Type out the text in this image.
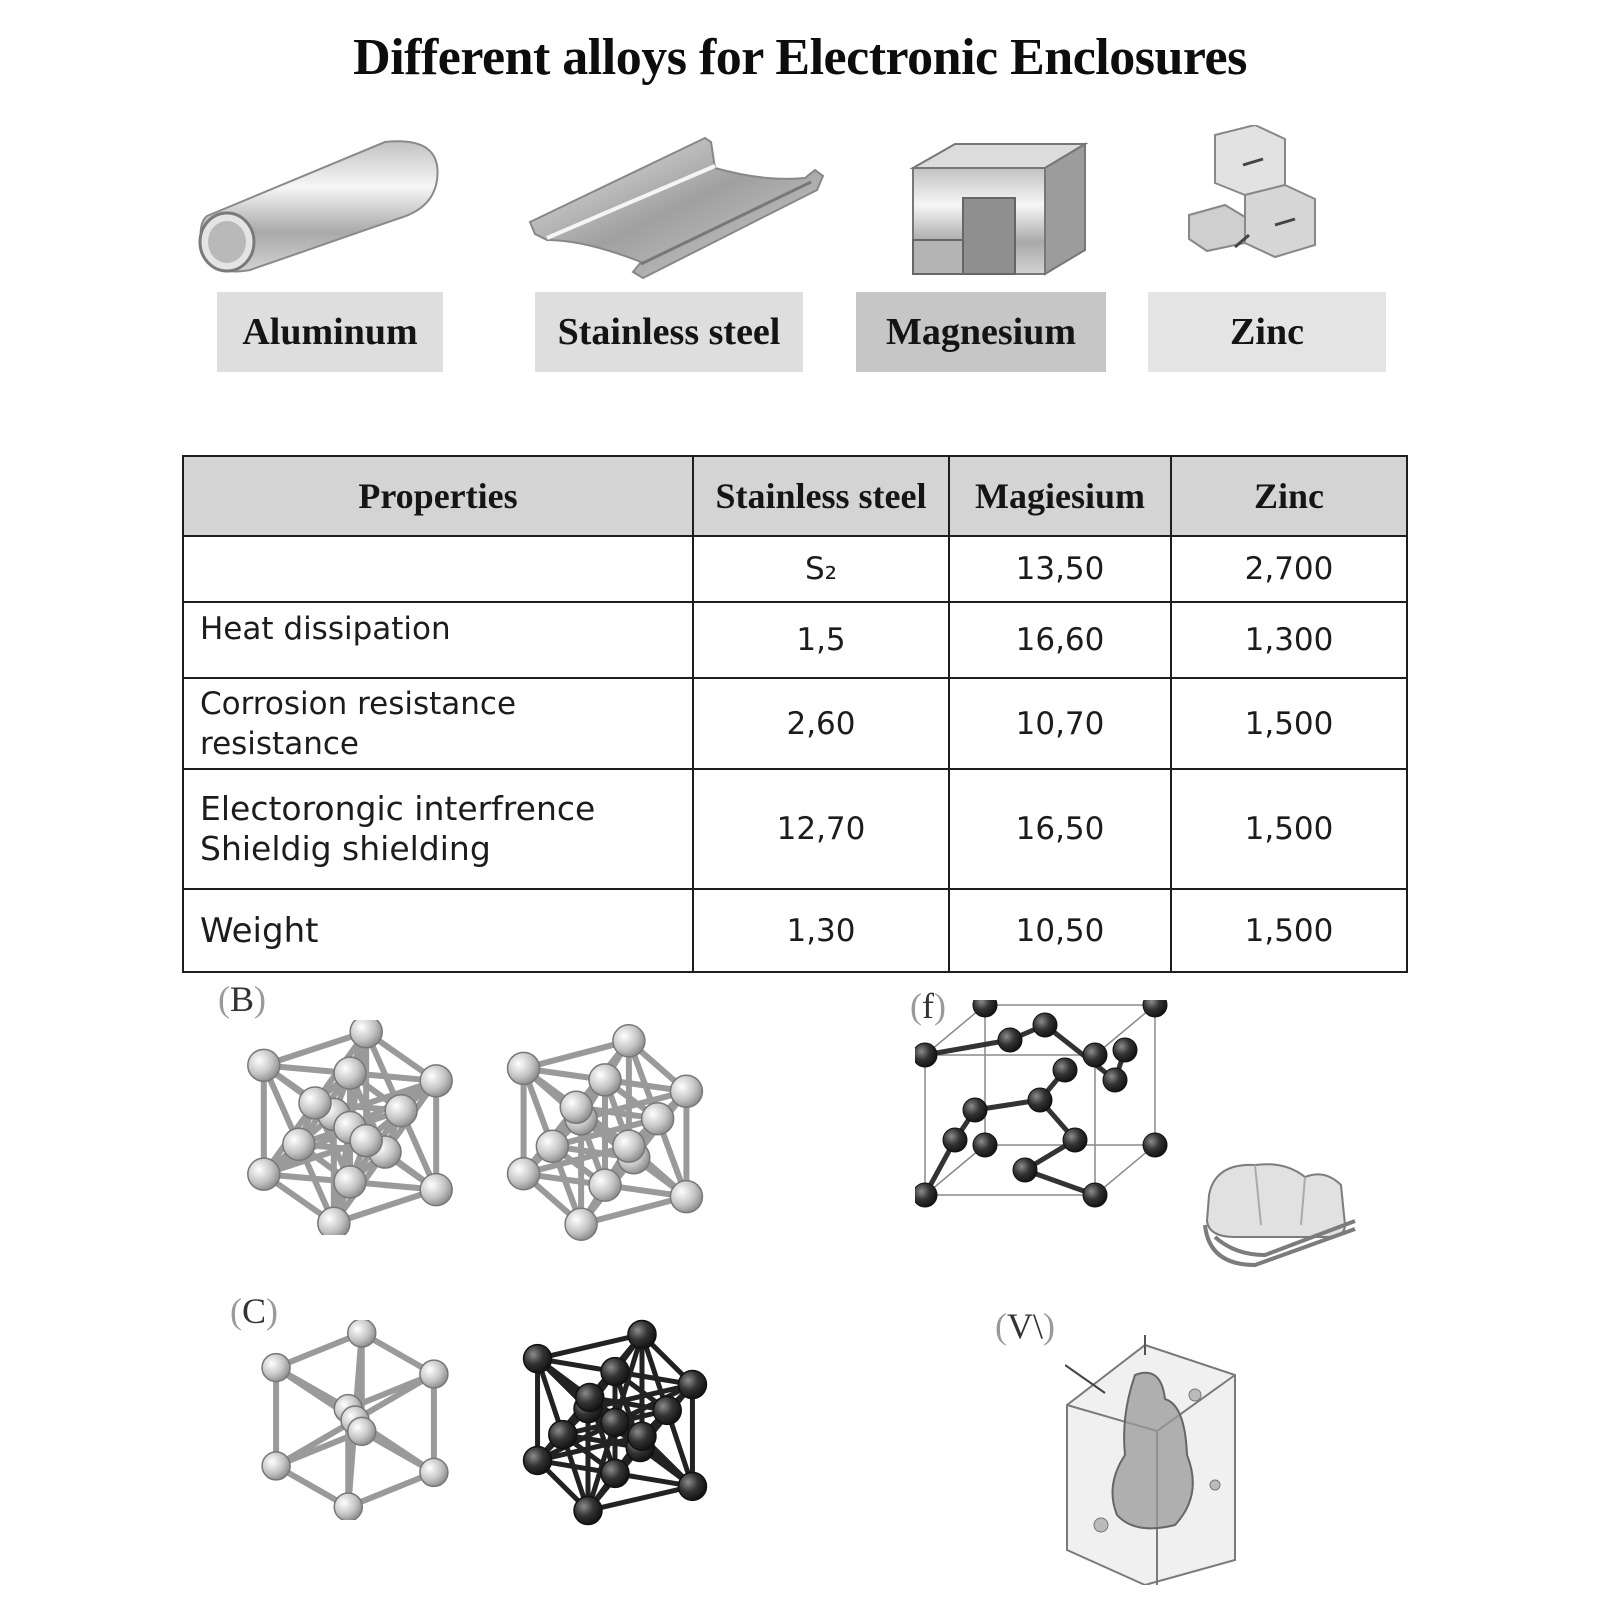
Different alloys for Electronic Enclosures
Aluminum	Stainless steel	Magnesium	Zinc
Properties	Stainless steel	Magiesium	Zinc
	S₂	13,50	2,700
Heat dissipation	1,5	16,60	1,300
Corrosion resistance
resistance	2,60	10,70	1,500
Electorongic interfrence
Shieldig shielding	12,70	16,50	1,500
Weight	1,30	10,50	1,500
(B)
(C)
(f)
(V\)
